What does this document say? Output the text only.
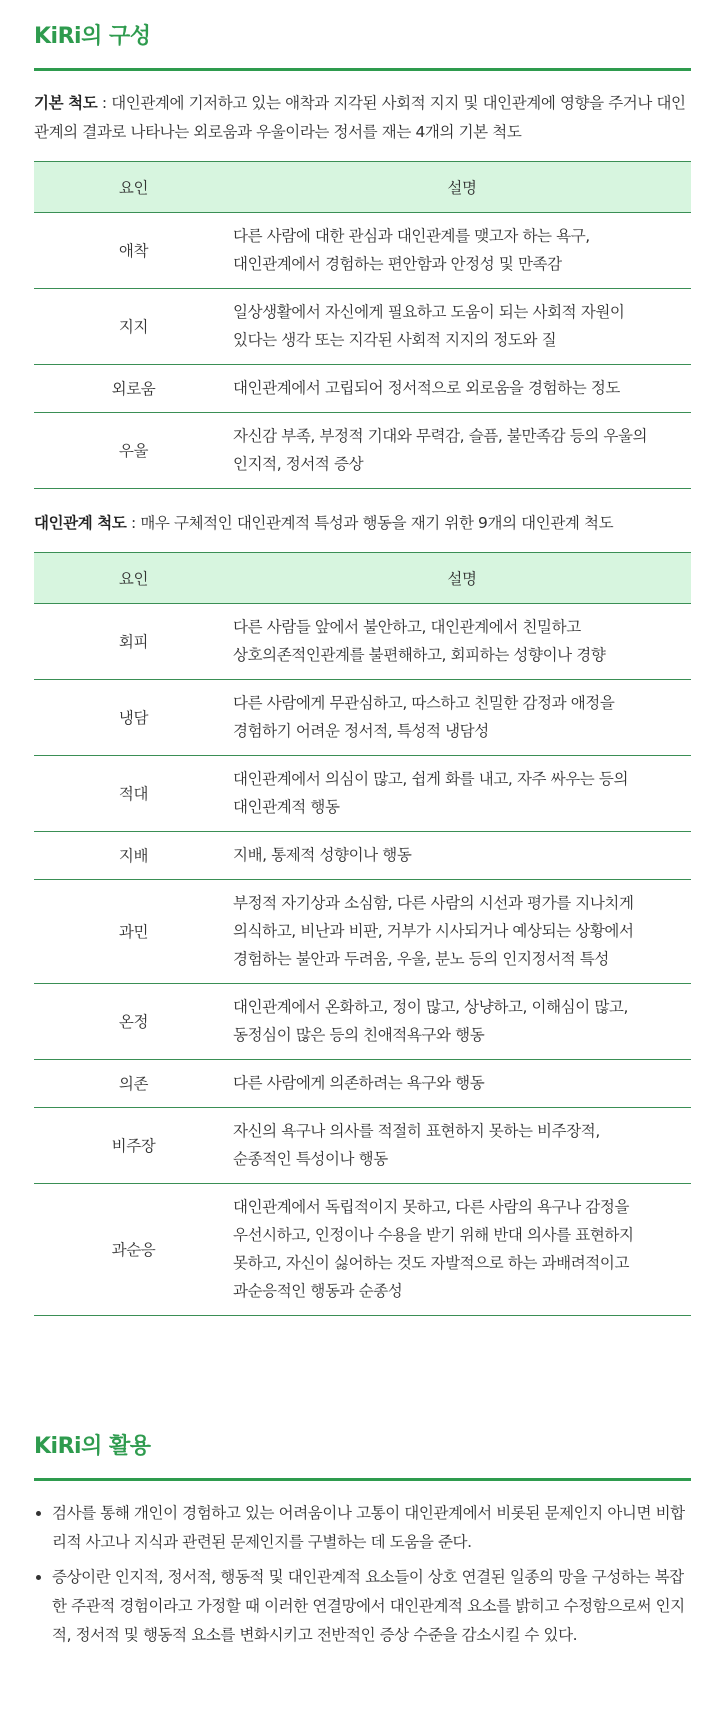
KiRi의 구성

기본 척도 : 대인관계에 기저하고 있는 애착과 지각된 사회적 지지 및 대인관계에 영향을 주거나 대인관계의 결과로 나타나는 외로움과 우울이라는 정서를 재는 4개의 기본 척도

요인	설명
애착	다른 사람에 대한 관심과 대인관계를 맺고자 하는 욕구,
대인관계에서 경험하는 편안함과 안정성 및 만족감

지지	일상생활에서 자신에게 필요하고 도움이 되는 사회적 자원이
있다는 생각 또는 지각된 사회적 지지의 정도와 질

외로움	대인관계에서 고립되어 정서적으로 외로움을 경험하는 정도

우울	자신감 부족, 부정적 기대와 무력감, 슬픔, 불만족감 등의 우울의
인지적, 정서적 증상

대인관계 척도 : 매우 구체적인 대인관계적 특성과 행동을 재기 위한 9개의 대인관계 척도

요인	설명
회피	다른 사람들 앞에서 불안하고, 대인관계에서 친밀하고
상호의존적인관계를 불편해하고, 회피하는 성향이나 경향

냉담	다른 사람에게 무관심하고, 따스하고 친밀한 감정과 애정을
경험하기 어려운 정서적, 특성적 냉담성

적대	대인관계에서 의심이 많고, 쉽게 화를 내고, 자주 싸우는 등의
대인관계적 행동

지배	지배, 통제적 성향이나 행동

과민	부정적 자기상과 소심함, 다른 사람의 시선과 평가를 지나치게
의식하고, 비난과 비판, 거부가 시사되거나 예상되는 상황에서
경험하는 불안과 두려움, 우울, 분노 등의 인지정서적 특성

온정	대인관계에서 온화하고, 정이 많고, 상냥하고, 이해심이 많고,
동정심이 많은 등의 친애적욕구와 행동

의존	다른 사람에게 의존하려는 욕구와 행동

비주장	자신의 욕구나 의사를 적절히 표현하지 못하는 비주장적,
순종적인 특성이나 행동

과순응	대인관계에서 독립적이지 못하고, 다른 사람의 욕구나 감정을
우선시하고, 인정이나 수용을 받기 위해 반대 의사를 표현하지
못하고, 자신이 싫어하는 것도 자발적으로 하는 과배려적이고
과순응적인 행동과 순종성
KiRi의 활용
• 검사를 통해 개인이 경험하고 있는 어려움이나 고통이 대인관계에서 비롯된 문제인지 아니면 비합리적 사고나 지식과 관련된 문제인지를 구별하는 데 도움을 준다.
• 증상이란 인지적, 정서적, 행동적 및 대인관계적 요소들이 상호 연결된 일종의 망을 구성하는 복잡한 주관적 경험이라고 가정할 때 이러한 연결망에서 대인관계적 요소를 밝히고 수정함으로써 인지적, 정서적 및 행동적 요소를 변화시키고 전반적인 증상 수준을 감소시킬 수 있다.
